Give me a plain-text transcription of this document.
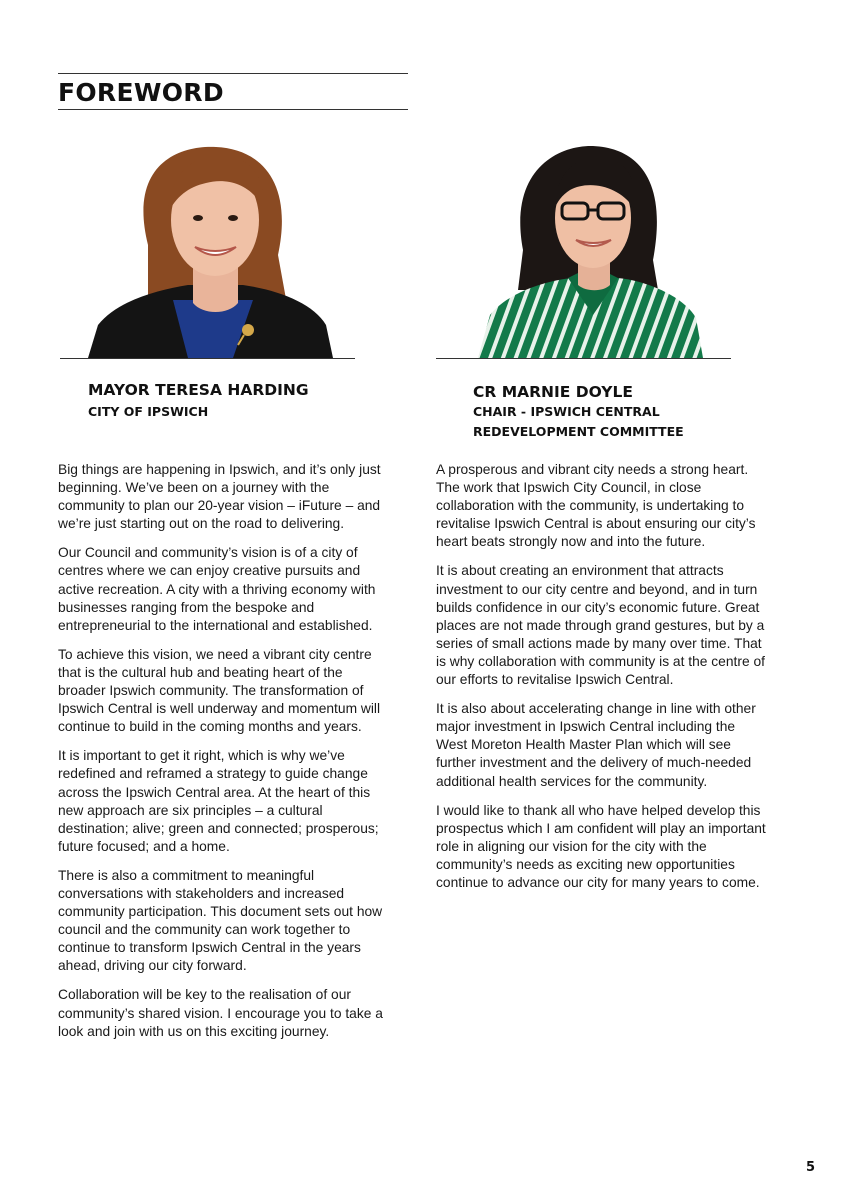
FOREWORD
MAYOR TERESA HARDING
CITY OF IPSWICH
CR MARNIE DOYLE
CHAIR - IPSWICH CENTRAL
REDEVELOPMENT COMMITTEE

Big things are happening in Ipswich, and it’s only just beginning. We’ve been on a journey with the community to plan our 20-year vision – iFuture – and we’re just starting out on the road to delivering.

Our Council and community’s vision is of a city of centres where we can enjoy creative pursuits and active recreation. A city with a thriving economy with businesses ranging from the bespoke and entrepreneurial to the international and established.

To achieve this vision, we need a vibrant city centre that is the cultural hub and beating heart of the broader Ipswich community. The transformation of Ipswich Central is well underway and momentum will continue to build in the coming months and years.

It is important to get it right, which is why we’ve redefined and reframed a strategy to guide change across the Ipswich Central area. At the heart of this new approach are six principles – a cultural destination; alive; green and connected; prosperous; future focused; and a home.

There is also a commitment to meaningful conversations with stakeholders and increased community participation. This document sets out how council and the community can work together to continue to transform Ipswich Central in the years ahead, driving our city forward.

Collaboration will be key to the realisation of our community’s shared vision. I encourage you to take a look and join with us on this exciting journey.

A prosperous and vibrant city needs a strong heart. The work that Ipswich City Council, in close collaboration with the community, is undertaking to revitalise Ipswich Central is about ensuring our city’s heart beats strongly now and into the future.

It is about creating an environment that attracts investment to our city centre and beyond, and in turn builds confidence in our city’s economic future. Great places are not made through grand gestures, but by a series of small actions made by many over time. That is why collaboration with community is at the centre of our efforts to revitalise Ipswich Central.

It is also about accelerating change in line with other major investment in Ipswich Central including the West Moreton Health Master Plan which will see further investment and the delivery of much-needed additional health services for the community.

I would like to thank all who have helped develop this prospectus which I am confident will play an important role in aligning our vision for the city with the community’s needs as exciting new opportunities continue to advance our city for many years to come.

5
